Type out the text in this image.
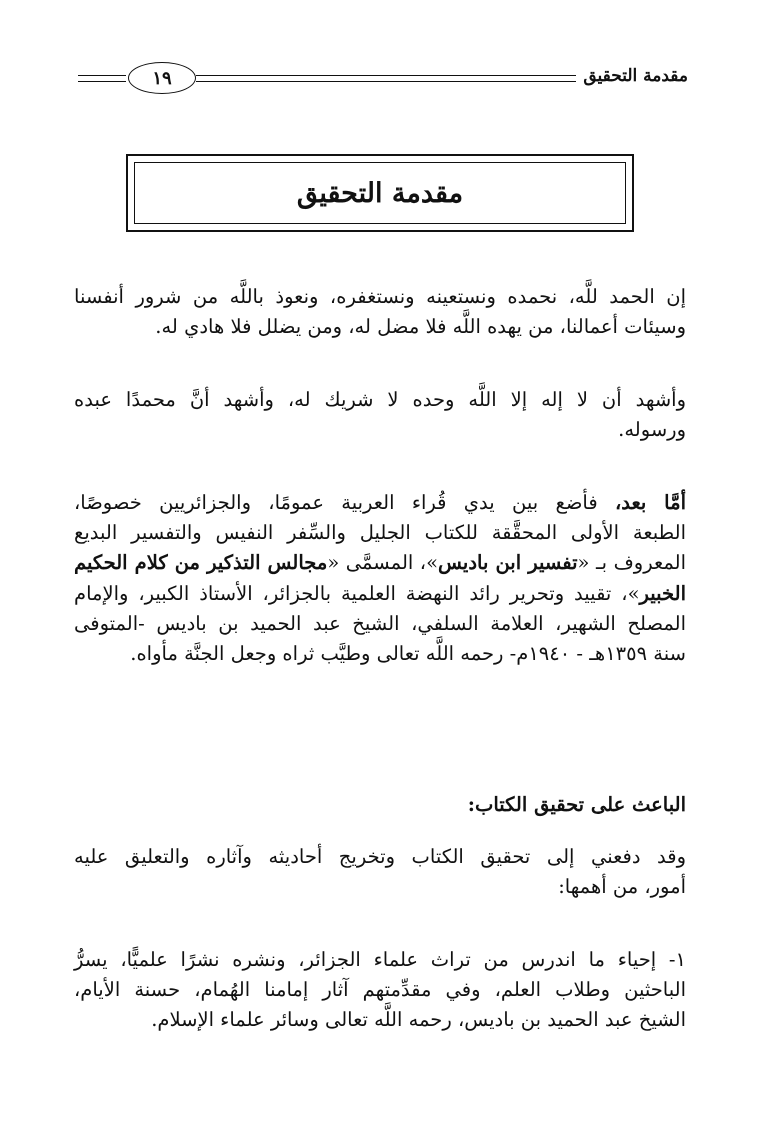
١٩	مقدمة التحقيق
مقدمة التحقيق
إن الحمد للَّه، نحمده ونستعينه ونستغفره، ونعوذ باللَّه من شرور أنفسنا
وسيئات أعمالنا، من يهده اللَّه فلا مضل له، ومن يضلل فلا هادي له.
وأشهد أن لا إله إلا اللَّه وحده لا شريك له، وأشهد أنَّ محمدًا عبده
ورسوله.
أمَّا بعد، فأضع بين يدي قُراء العربية عمومًا، والجزائريين خصوصًا،
الطبعة الأولى المحقَّقة للكتاب الجليل والسِّفر النفيس والتفسير البديع
المعروف بـ «تفسير ابن باديس»، المسمَّى «مجالس التذكير من كلام الحكيم
الخبير»، تقييد وتحرير رائد النهضة العلمية بالجزائر، الأستاذ الكبير، والإمام
المصلح الشهير، العلامة السلفي، الشيخ عبد الحميد بن باديس -المتوفى
سنة ١٣٥٩هـ - ١٩٤٠م- رحمه اللَّه تعالى وطيَّب ثراه وجعل الجنَّة مأواه.
الباعث على تحقيق الكتاب:
وقد دفعني إلى تحقيق الكتاب وتخريج أحاديثه وآثاره والتعليق عليه
أمور، من أهمها:
١- إحياء ما اندرس من تراث علماء الجزائر، ونشره نشرًا علميًّا، يسرُّ
الباحثين وطلاب العلم، وفي مقدِّمتهم آثار إمامنا الهُمام، حسنة الأيام،
الشيخ عبد الحميد بن باديس، رحمه اللَّه تعالى وسائر علماء الإسلام.
